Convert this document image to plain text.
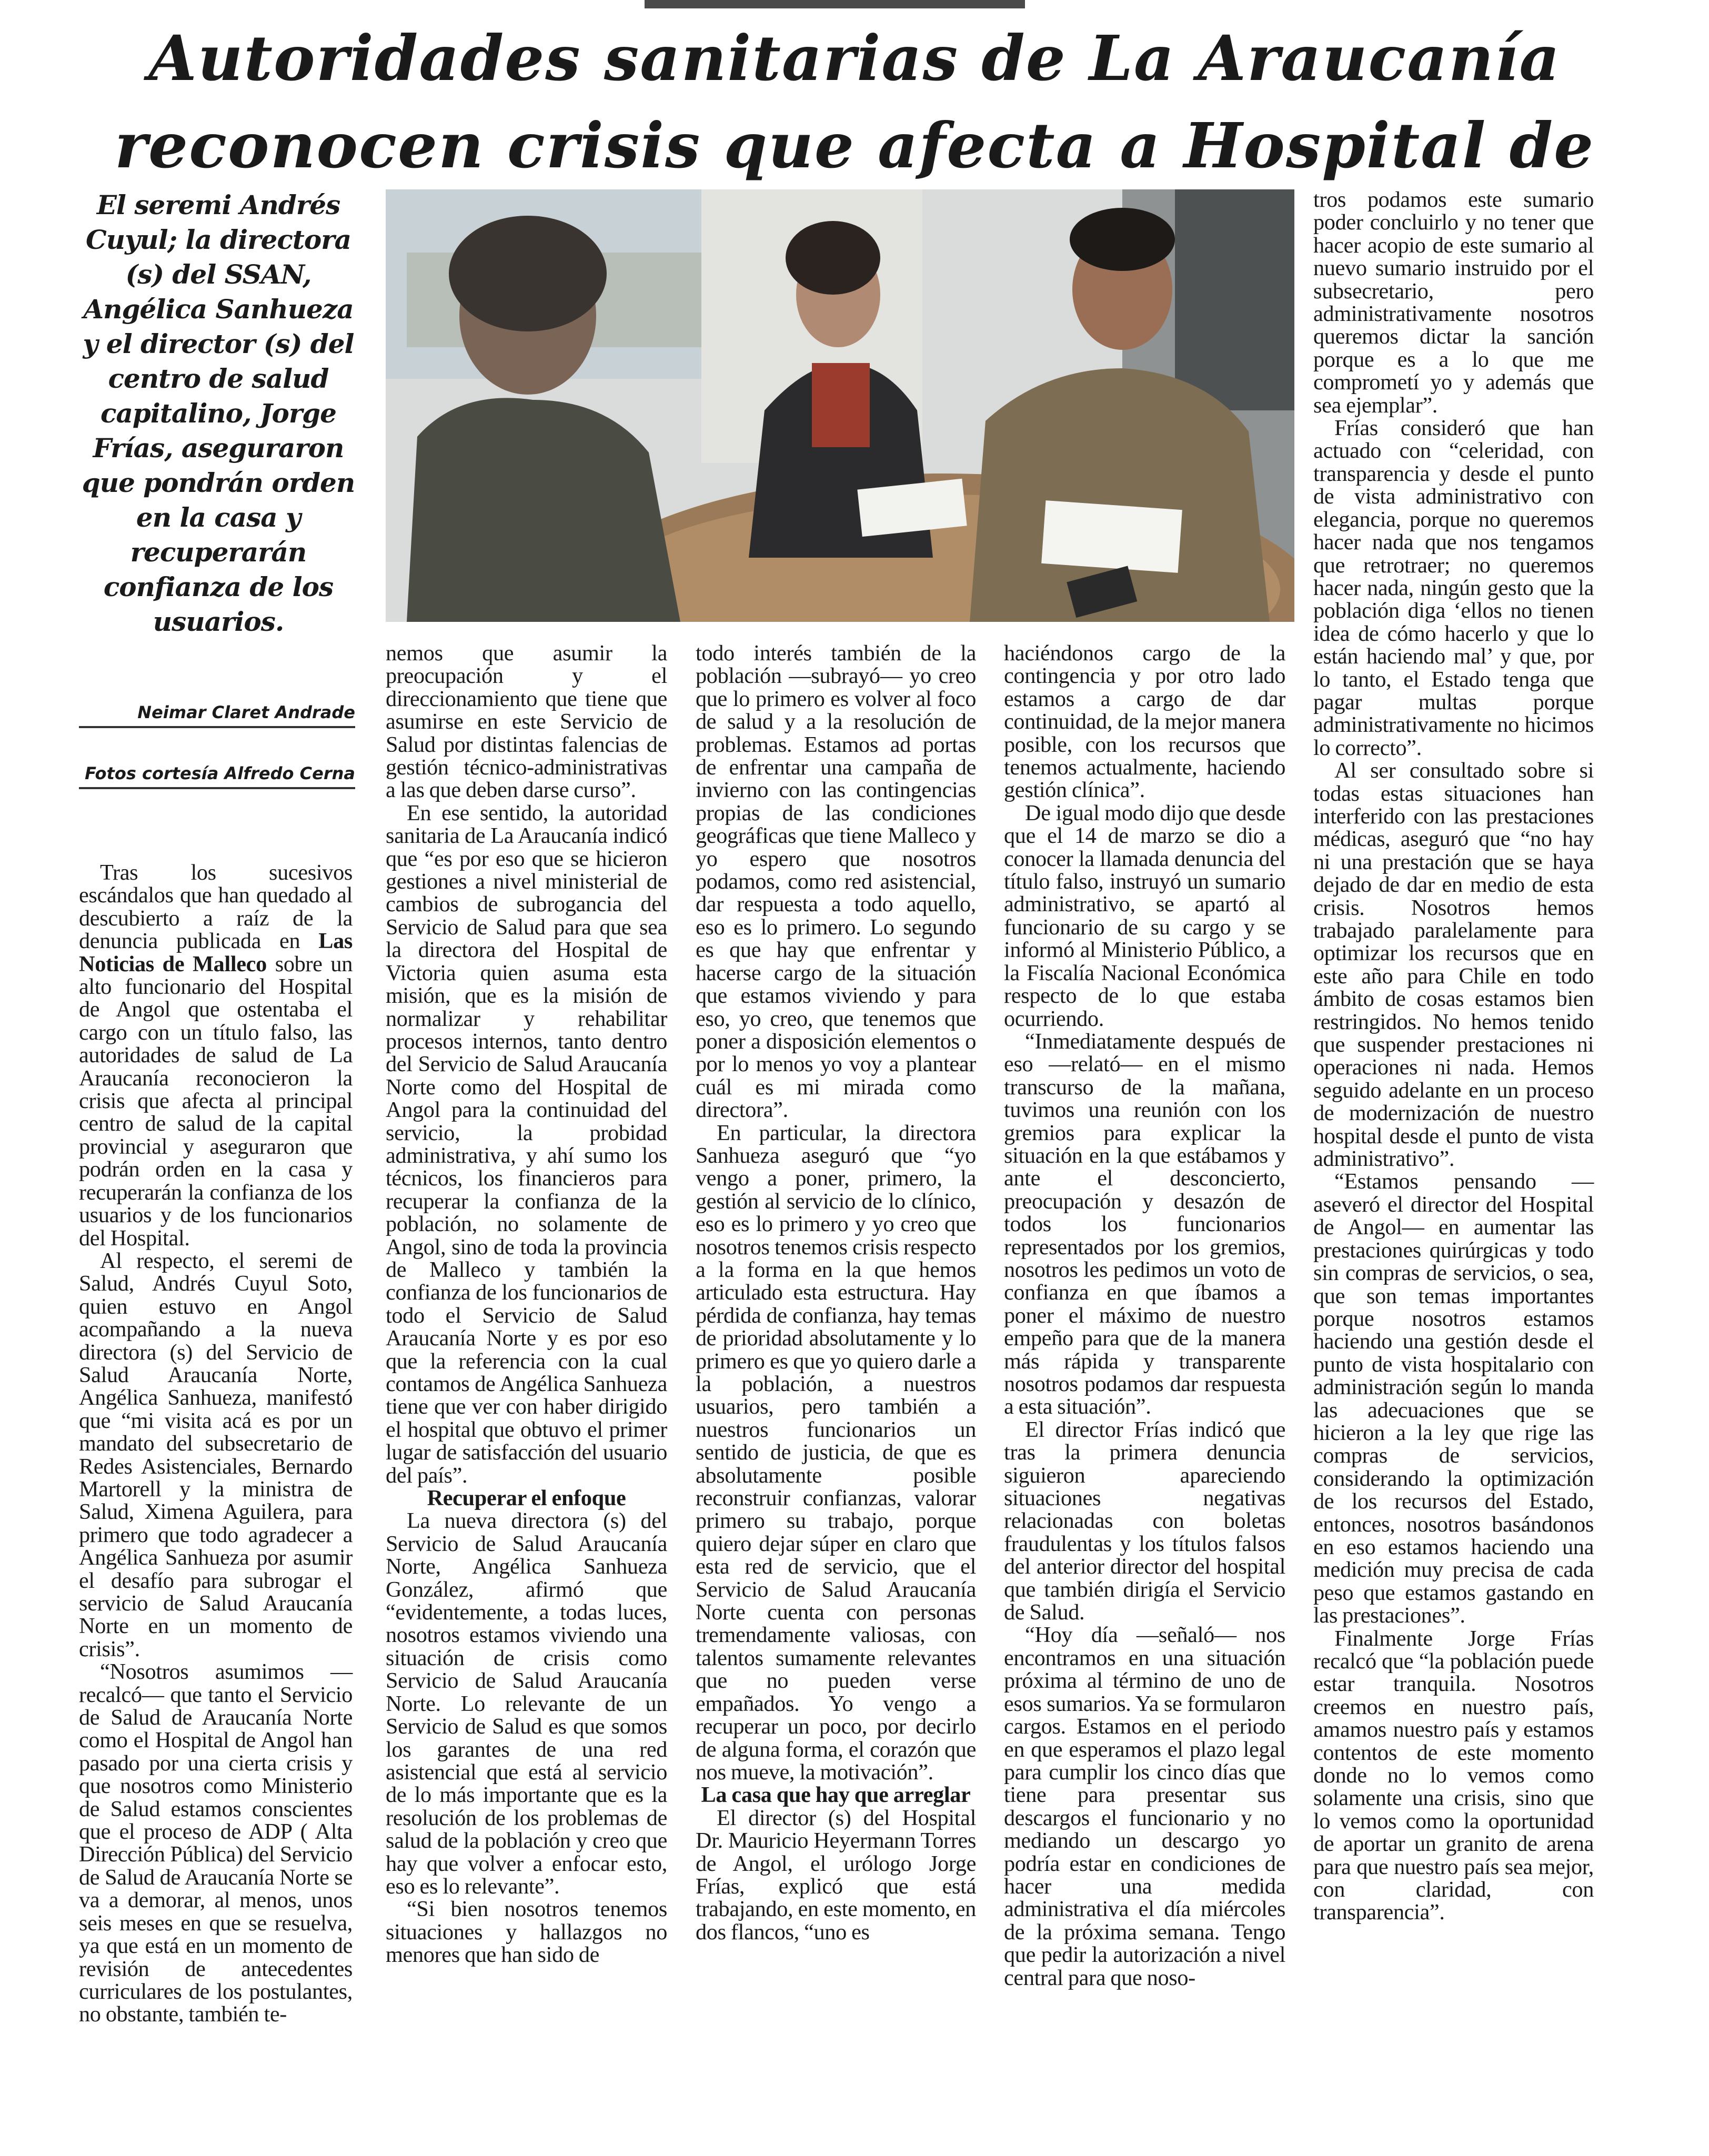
Autoridades sanitarias de La Araucanía
reconocen crisis que afecta a Hospital de

El seremi Andrés Cuyul; la directora (s) del SSAN, Angélica Sanhueza y el director (s) del centro de salud capitalino, Jorge Frías, aseguraron que pondrán orden en la casa y recuperarán confianza de los usuarios.

Neimar Claret Andrade
Fotos cortesía Alfredo Cerna

Tras los sucesivos escándalos que han quedado al descubierto a raíz de la denuncia publicada en Las Noticias de Malleco sobre un alto funcionario del Hospital de Angol que ostentaba el cargo con un título falso, las autoridades de salud de La Araucanía reconocieron la crisis que afecta al principal centro de salud de la capital provincial y aseguraron que podrán orden en la casa y recuperarán la confianza de los usuarios y de los funcionarios del Hospital.

Al respecto, el seremi de Salud, Andrés Cuyul Soto, quien estuvo en Angol acompañando a la nueva directora (s) del Servicio de Salud Araucanía Norte, Angélica Sanhueza, manifestó que “mi visita acá es por un mandato del subsecretario de Redes Asistenciales, Bernardo Martorell y la ministra de Salud, Ximena Aguilera, para primero que todo agradecer a Angélica Sanhueza por asumir el desafío para subrogar el servicio de Salud Araucanía Norte en un momento de crisis”.

“Nosotros asumimos —recalcó— que tanto el Servicio de Salud de Araucanía Norte como el Hospital de Angol han pasado por una cierta crisis y que nosotros como Ministerio de Salud estamos conscientes que el proceso de ADP ( Alta Dirección Pública) del Servicio de Salud de Araucanía Norte se va a demorar, al menos, unos seis meses en que se resuelva, ya que está en un momento de revisión de antecedentes curriculares de los postulantes, no obstante, también te-

nemos que asumir la preocupación y el direccionamiento que tiene que asumirse en este Servicio de Salud por distintas falencias de gestión técnico-administrativas a las que deben darse curso”.

En ese sentido, la autoridad sanitaria de La Araucanía indicó que “es por eso que se hicieron gestiones a nivel ministerial de cambios de subrogancia del Servicio de Salud para que sea la directora del Hospital de Victoria quien asuma esta misión, que es la misión de normalizar y rehabilitar procesos internos, tanto dentro del Servicio de Salud Araucanía Norte como del Hospital de Angol para la continuidad del servicio, la probidad administrativa, y ahí sumo los técnicos, los financieros para recuperar la confianza de la población, no solamente de Angol, sino de toda la provincia de Malleco y también la confianza de los funcionarios de todo el Servicio de Salud Araucanía Norte y es por eso que la referencia con la cual contamos de Angélica Sanhueza tiene que ver con haber dirigido el hospital que obtuvo el primer lugar de satisfacción del usuario del país”.

Recuperar el enfoque

La nueva directora (s) del Servicio de Salud Araucanía Norte, Angélica Sanhueza González, afirmó que “evidentemente, a todas luces, nosotros estamos viviendo una situación de crisis como Servicio de Salud Araucanía Norte. Lo relevante de un Servicio de Salud es que somos los garantes de una red asistencial que está al servicio de lo más importante que es la resolución de los problemas de salud de la población y creo que hay que volver a enfocar esto, eso es lo relevante”.

“Si bien nosotros tenemos situaciones y hallazgos no menores que han sido de

todo interés también de la población —subrayó— yo creo que lo primero es volver al foco de salud y a la resolución de problemas. Estamos ad portas de enfrentar una campaña de invierno con las contingencias propias de las condiciones geográficas que tiene Malleco y yo espero que nosotros podamos, como red asistencial, dar respuesta a todo aquello, eso es lo primero. Lo segundo es que hay que enfrentar y hacerse cargo de la situación que estamos viviendo y para eso, yo creo, que tenemos que poner a disposición elementos o por lo menos yo voy a plantear cuál es mi mirada como directora”.

En particular, la directora Sanhueza aseguró que “yo vengo a poner, primero, la gestión al servicio de lo clínico, eso es lo primero y yo creo que nosotros tenemos crisis respecto a la forma en la que hemos articulado esta estructura. Hay pérdida de confianza, hay temas de prioridad absolutamente y lo primero es que yo quiero darle a la población, a nuestros usuarios, pero también a nuestros funcionarios un sentido de justicia, de que es absolutamente posible reconstruir confianzas, valorar primero su trabajo, porque quiero dejar súper en claro que esta red de servicio, que el Servicio de Salud Araucanía Norte cuenta con personas tremendamente valiosas, con talentos sumamente relevantes que no pueden verse empañados. Yo vengo a recuperar un poco, por decirlo de alguna forma, el corazón que nos mueve, la motivación”.

La casa que hay que arreglar

El director (s) del Hospital Dr. Mauricio Heyermann Torres de Angol, el urólogo Jorge Frías, explicó que está trabajando, en este momento, en dos flancos, “uno es

haciéndonos cargo de la contingencia y por otro lado estamos a cargo de dar continuidad, de la mejor manera posible, con los recursos que tenemos actualmente, haciendo gestión clínica”.

De igual modo dijo que desde que el 14 de marzo se dio a conocer la llamada denuncia del título falso, instruyó un sumario administrativo, se apartó al funcionario de su cargo y se informó al Ministerio Público, a la Fiscalía Nacional Económica respecto de lo que estaba ocurriendo.

“Inmediatamente después de eso —relató— en el mismo transcurso de la mañana, tuvimos una reunión con los gremios para explicar la situación en la que estábamos y ante el desconcierto, preocupación y desazón de todos los funcionarios representados por los gremios, nosotros les pedimos un voto de confianza en que íbamos a poner el máximo de nuestro empeño para que de la manera más rápida y transparente nosotros podamos dar respuesta a esta situación”.

El director Frías indicó que tras la primera denuncia siguieron apareciendo situaciones negativas relacionadas con boletas fraudulentas y los títulos falsos del anterior director del hospital que también dirigía el Servicio de Salud.

“Hoy día —señaló— nos encontramos en una situación próxima al término de uno de esos sumarios. Ya se formularon cargos. Estamos en el periodo en que esperamos el plazo legal para cumplir los cinco días que tiene para presentar sus descargos el funcionario y no mediando un descargo yo podría estar en condiciones de hacer una medida administrativa el día miércoles de la próxima semana. Tengo que pedir la autorización a nivel central para que noso-

tros podamos este sumario poder concluirlo y no tener que hacer acopio de este sumario al nuevo sumario instruido por el subsecretario, pero administrativamente nosotros queremos dictar la sanción porque es a lo que me comprometí yo y además que sea ejemplar”.

Frías consideró que han actuado con “celeridad, con transparencia y desde el punto de vista administrativo con elegancia, porque no queremos hacer nada que nos tengamos que retrotraer; no queremos hacer nada, ningún gesto que la población diga ‘ellos no tienen idea de cómo hacerlo y que lo están haciendo mal’ y que, por lo tanto, el Estado tenga que pagar multas porque administrativamente no hicimos lo correcto”.

Al ser consultado sobre si todas estas situaciones han interferido con las prestaciones médicas, aseguró que “no hay ni una prestación que se haya dejado de dar en medio de esta crisis. Nosotros hemos trabajado paralelamente para optimizar los recursos que en este año para Chile en todo ámbito de cosas estamos bien restringidos. No hemos tenido que suspender prestaciones ni operaciones ni nada. Hemos seguido adelante en un proceso de modernización de nuestro hospital desde el punto de vista administrativo”.

“Estamos pensando —aseveró el director del Hospital de Angol— en aumentar las prestaciones quirúrgicas y todo sin compras de servicios, o sea, que son temas importantes porque nosotros estamos haciendo una gestión desde el punto de vista hospitalario con administración según lo manda las adecuaciones que se hicieron a la ley que rige las compras de servicios, considerando la optimización de los recursos del Estado, entonces, nosotros basándonos en eso estamos haciendo una medición muy precisa de cada peso que estamos gastando en las prestaciones”.

Finalmente Jorge Frías recalcó que “la población puede estar tranquila. Nosotros creemos en nuestro país, amamos nuestro país y estamos contentos de este momento donde no lo vemos como solamente una crisis, sino que lo vemos como la oportunidad de aportar un granito de arena para que nuestro país sea mejor, con claridad, con transparencia”.
